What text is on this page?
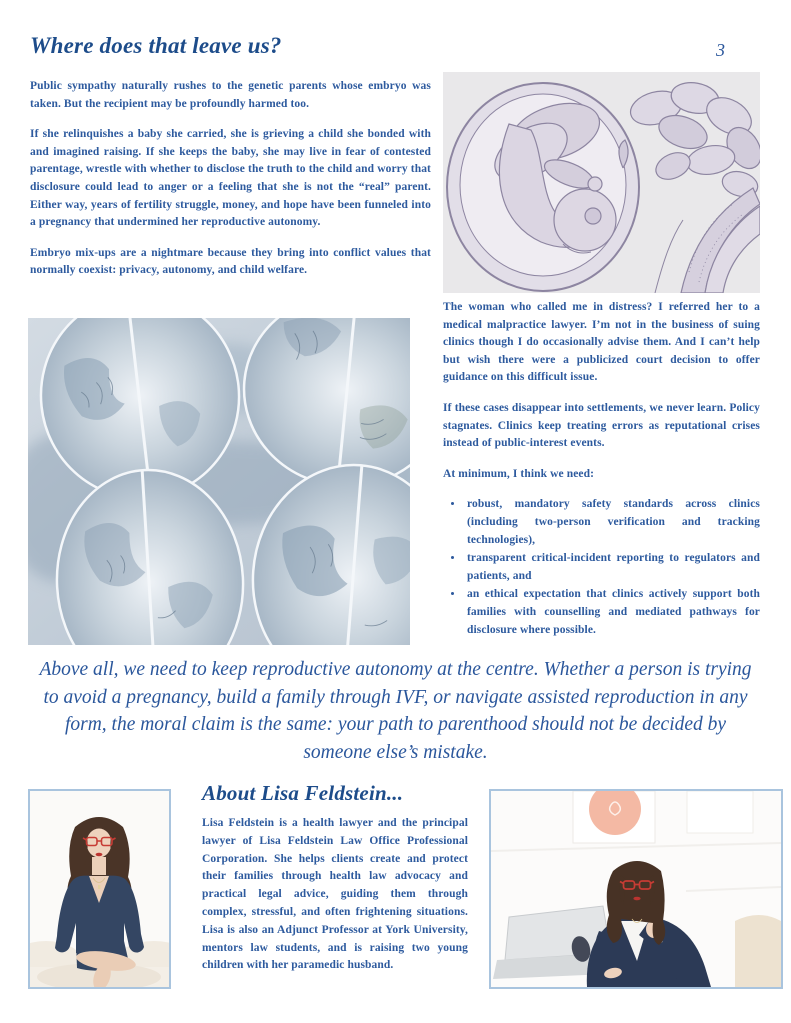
Where does that leave us?	3

Public sympathy naturally rushes to the genetic parents whose embryo was taken. But the recipient may be profoundly harmed too.

If she relinquishes a baby she carried, she is grieving a child she bonded with and imagined raising. If she keeps the baby, she may live in fear of contested parentage, wrestle with whether to disclose the truth to the child and worry that disclosure could lead to anger or a feeling that she is not the “real” parent. Either way, years of fertility struggle, money, and hope have been funneled into a pregnancy that undermined her reproductive autonomy.

Embryo mix-ups are a nightmare because they bring into conflict values that normally coexist: privacy, autonomy, and child welfare.

The woman who called me in distress? I referred her to a medical malpractice lawyer. I’m not in the business of suing clinics though I do occasionally advise them. And I can’t help but wish there were a publicized court decision to offer guidance on this difficult issue.

If these cases disappear into settlements, we never learn. Policy stagnates. Clinics keep treating errors as reputational crises instead of public-interest events.

At minimum, I think we need:

• robust, mandatory safety standards across clinics (including two-person verification and tracking technologies),
• transparent critical-incident reporting to regulators and patients, and
• an ethical expectation that clinics actively support both families with counselling and mediated pathways for disclosure where possible.
Above all, we need to keep reproductive autonomy at the centre. Whether a person is trying to avoid a pregnancy, build a family through IVF, or navigate assisted reproduction in any form, the moral claim is the same: your path to parenthood should not be decided by someone else’s mistake.
About Lisa Feldstein...

Lisa Feldstein is a health lawyer and the principal lawyer of Lisa Feldstein Law Office Professional Corporation. She helps clients create and protect their families through health law advocacy and practical legal advice, guiding them through complex, stressful, and often frightening situations. Lisa is also an Adjunct Professor at York University, mentors law students, and is raising two young children with her paramedic husband.
